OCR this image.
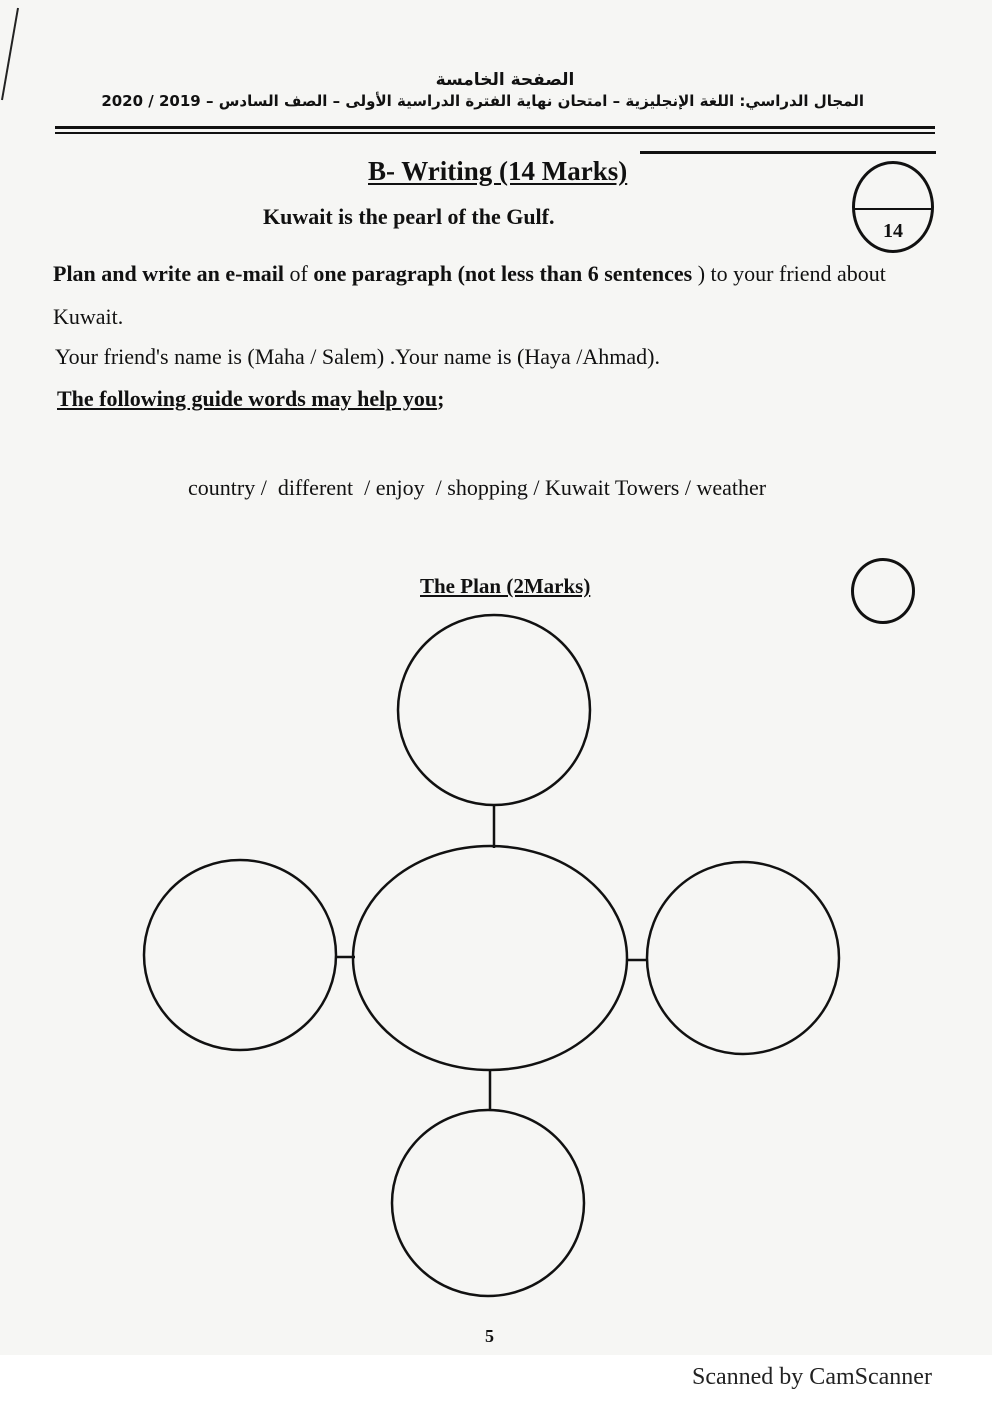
الصفحة الخامسة
المجال الدراسي: اللغة الإنجليزية – امتحان نهاية الفترة الدراسية الأولى – الصف السادس – 2019 / 2020
B- Writing (14 Marks)
14
Kuwait is the pearl of the Gulf.
Plan and write an e-mail of one paragraph (not less than 6 sentences ) to your friend about Kuwait.
Your friend's name is (Maha / Salem) .Your name is (Haya /Ahmad).
The following guide words may help you;
country /  different  / enjoy  / shopping / Kuwait Towers / weather
The Plan (2Marks)
5
Scanned by CamScanner
